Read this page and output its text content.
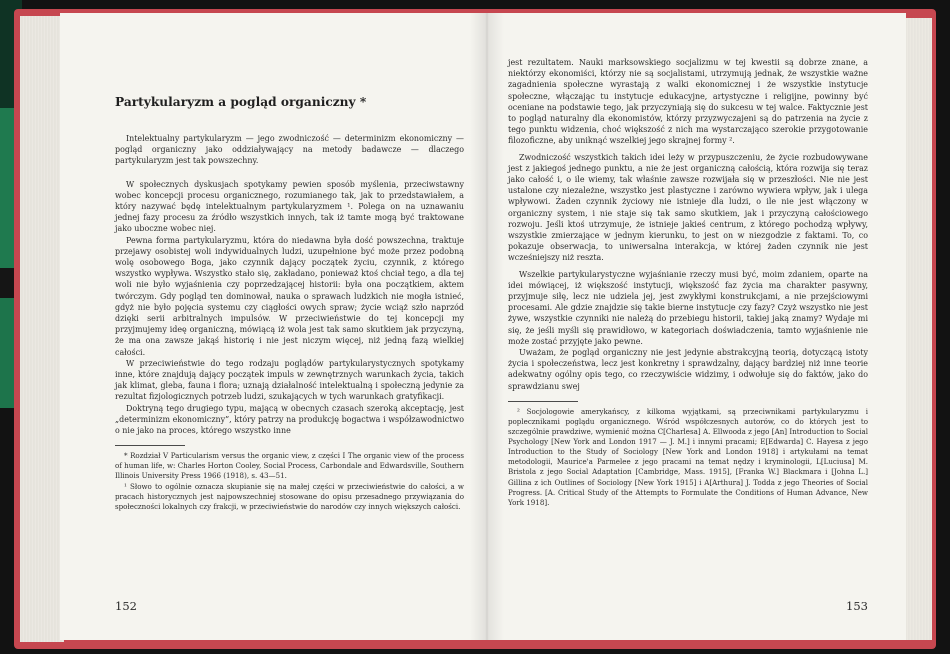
Partykularyzm a pogląd organiczny *

Intelektualny partykularyzm — jego zwodniczość — determinizm ekonomiczny — pogląd organiczny jako oddziaływający na metody badawcze — dlaczego partykularyzm jest tak powszechny.

W społecznych dyskusjach spotykamy pewien sposób myślenia, przeciwstawny wobec koncepcji procesu organicznego, rozumianego tak, jak to przedstawiałem, a który nazywać będę intelektualnym partykularyzmem ¹. Polega on na uznawaniu jednej fazy procesu za źródło wszystkich innych, tak iż tamte mogą być traktowane jako uboczne wobec niej.

Pewna forma partykularyzmu, która do niedawna była dość powszechna, traktuje przejawy osobistej woli indywidualnych ludzi, uzupełnione być może przez podobną wolę osobowego Boga, jako czynnik dający początek życiu, czynnik, z którego wszystko wypływa. Wszystko stało się, zakładano, ponieważ ktoś chciał tego, a dla tej woli nie było wyjaśnienia czy poprzedzającej historii: była ona początkiem, aktem twórczym. Gdy pogląd ten dominował, nauka o sprawach ludzkich nie mogła istnieć, gdyż nie było pojęcia systemu czy ciągłości owych spraw; życie wciąż szło naprzód dzięki serii arbitralnych impulsów. W przeciwieństwie do tej koncepcji my przyjmujemy ideę organiczną, mówiącą iż wola jest tak samo skutkiem jak przyczyną, że ma ona zawsze jakąś historię i nie jest niczym więcej, niż jedną fazą wielkiej całości.

W przeciwieństwie do tego rodzaju poglądów partykularystycznych spotykamy inne, które znajdują dający początek impuls w zewnętrznych warunkach życia, takich jak klimat, gleba, fauna i flora; uznają działalność intelektualną i społeczną jedynie za rezultat fizjologicznych potrzeb ludzi, szukających w tych warunkach gratyfikacji.

Doktryną tego drugiego typu, mającą w obecnych czasach szeroką akceptację, jest „determinizm ekonomiczny”, który patrzy na produkcję bogactwa i współzawodnictwo o nie jako na proces, którego wszystko inne

* Rozdział V Particularism versus the organic view, z części I The organic view of the process of human life, w: Charles Horton Cooley, Social Process, Carbondale and Edwardsville, Southern Illinois University Press 1966 (1918), s. 43—51.

¹ Słowo to ogólnie oznacza skupianie się na małej części w przeciwieństwie do całości, a w pracach historycznych jest najpowszechniej stosowane do opisu przesadnego przywiązania do społeczności lokalnych czy frakcji, w przeciwieństwie do narodów czy innych większych całości.

152

jest rezultatem. Nauki marksowskiego socjalizmu w tej kwestii są dobrze znane, a niektórzy ekonomiści, którzy nie są socjalistami, utrzymują jednak, że wszystkie ważne zagadnienia społeczne wyrastają z walki ekonomicznej i że wszystkie instytucje społeczne, włączając tu instytucje edukacyjne, artystyczne i religijne, powinny być oceniane na podstawie tego, jak przyczyniają się do sukcesu w tej walce. Faktycznie jest to pogląd naturalny dla ekonomistów, którzy przyzwyczajeni są do patrzenia na życie z tego punktu widzenia, choć większość z nich ma wystarczająco szerokie przygotowanie filozoficzne, aby uniknąć wszelkiej jego skrajnej formy ².

Zwodniczość wszystkich takich idei leży w przypuszczeniu, że życie rozbudowywane jest z jakiegoś jednego punktu, a nie że jest organiczną całością, która rozwija się teraz jako całość i, o ile wiemy, tak właśnie zawsze rozwijała się w przeszłości. Nie nie jest ustalone czy niezależne, wszystko jest plastyczne i zarówno wywiera wpływ, jak i ulega wpływowi. Żaden czynnik życiowy nie istnieje dla ludzi, o ile nie jest włączony w organiczny system, i nie staje się tak samo skutkiem, jak i przyczyną całościowego rozwoju. Jeśli ktoś utrzymuje, że istnieje jakieś centrum, z którego pochodzą wpływy, wszystkie zmierzające w jednym kierunku, to jest on w niezgodzie z faktami. To, co pokazuje obserwacja, to uniwersalna interakcja, w której żaden czynnik nie jest wcześniejszy niż reszta.

Wszelkie partykularystyczne wyjaśnianie rzeczy musi być, moim zdaniem, oparte na idei mówiącej, iż większość instytucji, większość faz życia ma charakter pasywny, przyjmuje siłę, lecz nie udziela jej, jest zwykłymi konstrukcjami, a nie przejściowymi procesami. Ale gdzie znajdzie się takie bierne instytucje czy fazy? Czyż wszystko nie jest żywe, wszystkie czynniki nie należą do przebiegu historii, takiej jaką znamy? Wydaje mi się, że jeśli myśli się prawidłowo, w kategoriach doświadczenia, tamto wyjaśnienie nie może zostać przyjęte jako pewne.

Uważam, że pogląd organiczny nie jest jedynie abstrakcyjną teorią, dotyczącą istoty życia i społeczeństwa, lecz jest konkretny i sprawdzalny, dający bardziej niż inne teorie adekwatny ogólny opis tego, co rzeczywiście widzimy, i odwołuje się do faktów, jako do sprawdzianu swej

² Socjologowie amerykańscy, z kilkoma wyjątkami, są przeciwnikami partykularyzmu i poplecznikami poglądu organicznego. Wśród współczesnych autorów, co do których jest to szczególnie prawdziwe, wymienić można C[Charlesa] A. Ellwooda z jego [An] Introduction to Social Psychology [New York and London 1917 — J. M.] i innymi pracami; E[Edwarda] C. Hayesa z jego Introduction to the Study of Sociology [New York and London 1918] i artykułami na temat metodologii, Maurice'a Parmelee z jego pracami na temat nędzy i kryminologii, L[Luciusa] M. Bristola z jego Social Adaptation [Cambridge, Mass. 1915], [Franka W.] Blackmara i [Johna L.] Gillina z ich Outlines of Sociology [New York 1915] i A[Arthura] J. Todda z jego Theories of Social Progress. [A. Critical Study of the Attempts to Formulate the Conditions of Human Advance, New York 1918].

153
